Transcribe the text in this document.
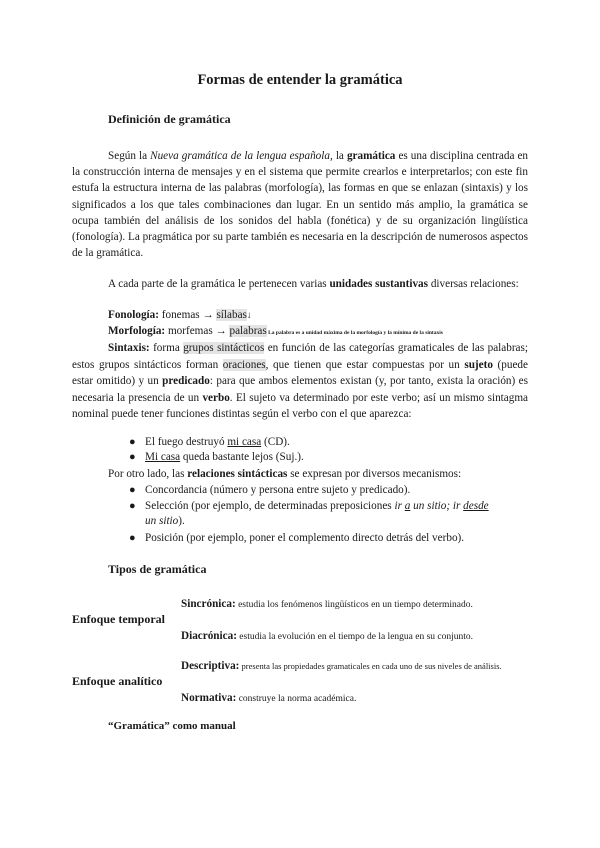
Formas de entender la gramática
Definición de gramática
Según la Nueva gramática de la lengua española, la gramática es una disciplina centrada en la construcción interna de mensajes y en el sistema que permite crearlos e interpretarlos; con este fin estufa la estructura interna de las palabras (morfología), las formas en que se enlazan (sintaxis) y los significados a los que tales combinaciones dan lugar. En un sentido más amplio, la gramática se ocupa también del análisis de los sonidos del habla (fonética) y de su organización lingüística (fonología). La pragmática por su parte también es necesaria en la descripción de numerosos aspectos de la gramática.
A cada parte de la gramática le pertenecen varias unidades sustantivas diversas relaciones:
Fonología: fonemas → sílabas↓
Morfología: morfemas → palabras La palabra es a unidad máxima de la morfología y la mínima de la sintaxis
Sintaxis: forma grupos sintácticos en función de las categorías gramaticales de las palabras; estos grupos sintácticos forman oraciones, que tienen que estar compuestas por un sujeto (puede estar omitido) y un predicado: para que ambos elementos existan (y, por tanto, exista la oración) es necesaria la presencia de un verbo. El sujeto va determinado por este verbo; así un mismo sintagma nominal puede tener funciones distintas según el verbo con el que aparezca:
● El fuego destruyó mi casa (CD).
● Mi casa queda bastante lejos (Suj.).
Por otro lado, las relaciones sintácticas se expresan por diversos mecanismos:
● Concordancia (número y persona entre sujeto y predicado).
● Selección (por ejemplo, de determinadas preposiciones ir a un sitio; ir desde
un sitio).
● Posición (por ejemplo, poner el complemento directo detrás del verbo).
Tipos de gramática
Sincrónica: estudia los fenómenos lingüísticos en un tiempo determinado.
Enfoque temporal
Diacrónica: estudia la evolución en el tiempo de la lengua en su conjunto.
Descriptiva: presenta las propiedades gramaticales en cada uno de sus niveles de análisis.
Enfoque analítico
Normativa: construye la norma académica.
“Gramática” como manual
